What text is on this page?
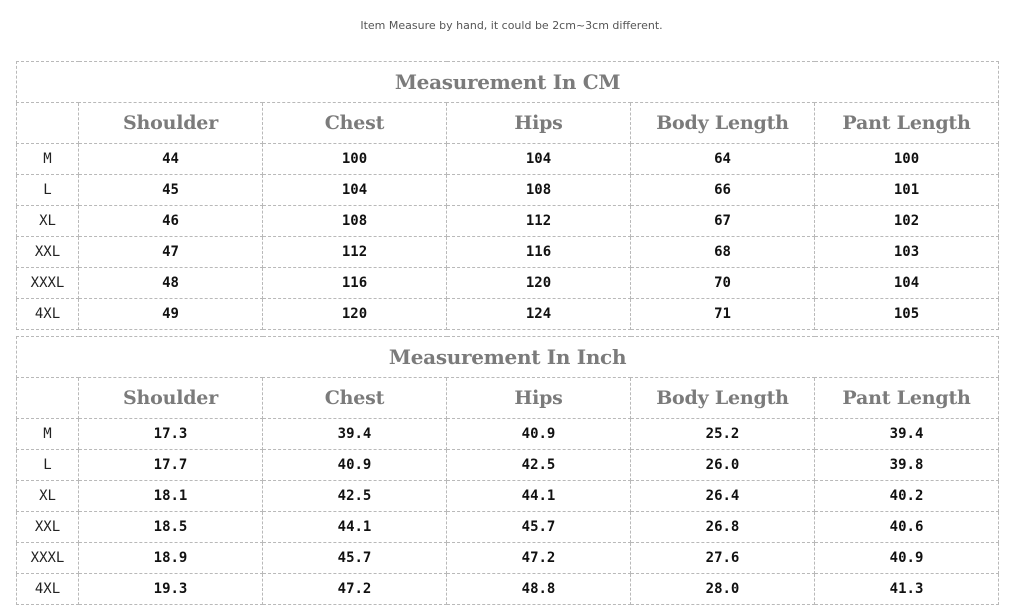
Item Measure by hand, it could be 2cm~3cm different.
Measurement In CM					
	Shoulder	Chest	Hips	Body Length	Pant Length
M	44	100	104	64	100
L	45	104	108	66	101
XL	46	108	112	67	102
XXL	47	112	116	68	103
XXXL	48	116	120	70	104
4XL	49	120	124	71	105
Measurement In Inch					
	Shoulder	Chest	Hips	Body Length	Pant Length
M	17.3	39.4	40.9	25.2	39.4
L	17.7	40.9	42.5	26.0	39.8
XL	18.1	42.5	44.1	26.4	40.2
XXL	18.5	44.1	45.7	26.8	40.6
XXXL	18.9	45.7	47.2	27.6	40.9
4XL	19.3	47.2	48.8	28.0	41.3
